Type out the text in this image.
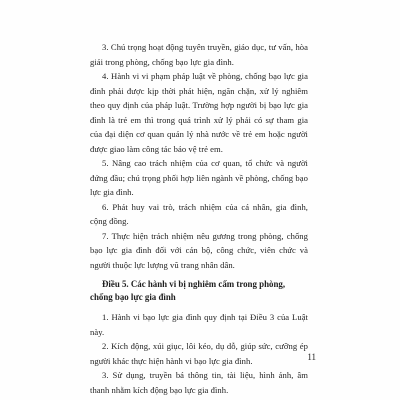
3. Chú trọng hoạt động tuyên truyền, giáo dục, tư vấn, hòa giải trong phòng, chống bạo lực gia đình.

4. Hành vi vi phạm pháp luật về phòng, chống bạo lực gia đình phải được kịp thời phát hiện, ngăn chặn, xử lý nghiêm theo quy định của pháp luật. Trường hợp người bị bạo lực gia đình là trẻ em thì trong quá trình xử lý phải có sự tham gia của đại diện cơ quan quản lý nhà nước về trẻ em hoặc người được giao làm công tác bảo vệ trẻ em.

5. Nâng cao trách nhiệm của cơ quan, tổ chức và người đứng đầu; chú trọng phối hợp liên ngành về phòng, chống bạo lực gia đình.

6. Phát huy vai trò, trách nhiệm của cá nhân, gia đình, cộng đồng.

7. Thực hiện trách nhiệm nêu gương trong phòng, chống bạo lực gia đình đối với cán bộ, công chức, viên chức và người thuộc lực lượng vũ trang nhân dân.

Điều 5. Các hành vi bị nghiêm cấm trong phòng, chống bạo lực gia đình

1. Hành vi bạo lực gia đình quy định tại Điều 3 của Luật này.

2. Kích động, xúi giục, lôi kéo, dụ dỗ, giúp sức, cưỡng ép người khác thực hiện hành vi bạo lực gia đình.

3. Sử dụng, truyền bá thông tin, tài liệu, hình ảnh, âm thanh nhằm kích động bạo lực gia đình.

11
